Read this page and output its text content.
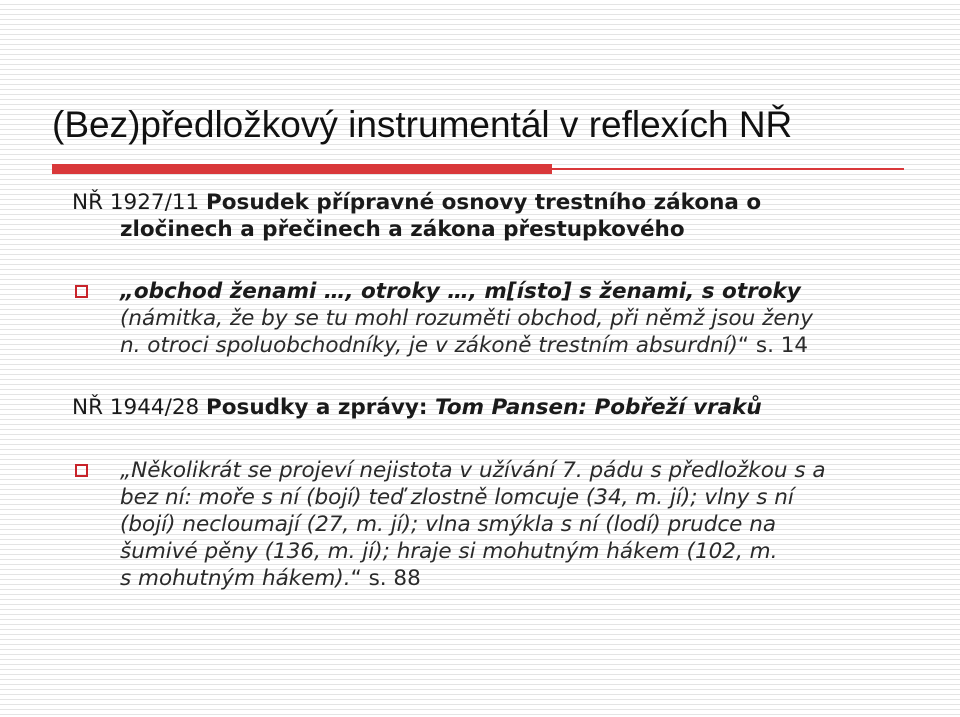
(Bez)předložkový instrumentál v reflexích NŘ
NŘ 1927/11 Posudek přípravné osnovy trestního zákona o
zločinech a přečinech a zákona přestupkového
„obchod ženami …, otroky …, m[ísto] s ženami, s otroky
(námitka, že by se tu mohl rozuměti obchod, při němž jsou ženy
n. otroci spoluobchodníky, je v zákoně trestním absurdní)“ s. 14
NŘ 1944/28 Posudky a zprávy: Tom Pansen: Pobřeží vraků
„Několikrát se projeví nejistota v užívání 7. pádu s předložkou s a
bez ní: moře s ní (bojí) teď zlostně lomcuje (34, m. jí); vlny s ní
(bojí) necloumají (27, m. jí); vlna smýkla s ní (lodí) prudce na
šumivé pěny (136, m. jí); hraje si mohutným hákem (102, m.
s mohutným hákem).“ s. 88
